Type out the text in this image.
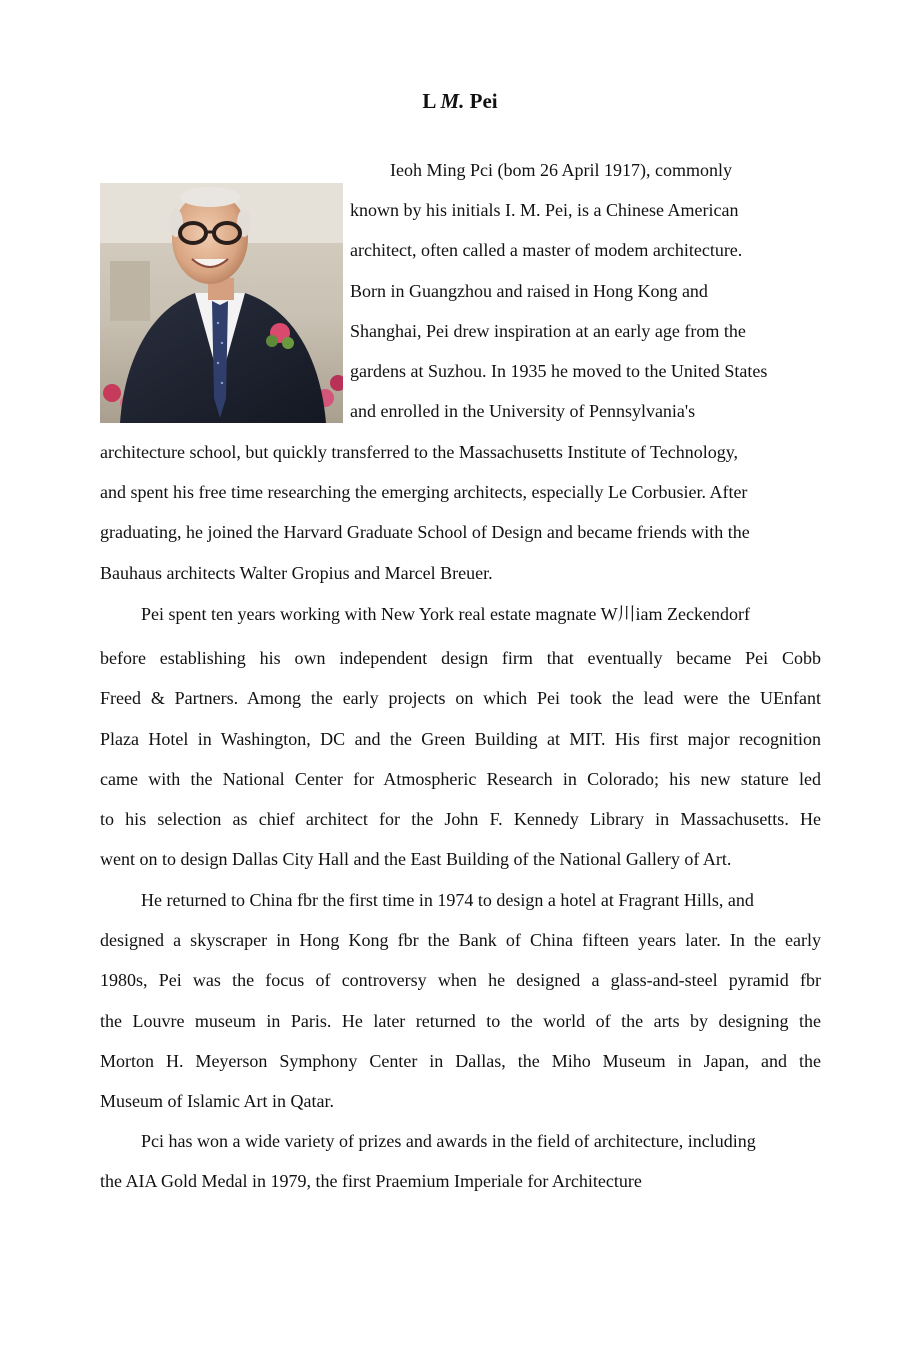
L M. Pei
Ieoh Ming Pci (bom 26 April 1917), commonly
known by his initials I. M. Pei, is a Chinese American
architect, often called a master of modem architecture.
Born in Guangzhou and raised in Hong Kong and
Shanghai, Pei drew inspiration at an early age from the
gardens at Suzhou. In 1935 he moved to the United States
and enrolled in the University of Pennsylvania's
architecture school, but quickly transferred to the Massachusetts Institute of Technology,
and spent his free time researching the emerging architects, especially Le Corbusier. After
graduating, he joined the Harvard Graduate School of Design and became friends with the
Bauhaus architects Walter Gropius and Marcel Breuer.
Pei spent ten years working with New York real estate magnate W川iam Zeckendorf
before establishing his own independent design firm that eventually became Pei Cobb
Freed & Partners. Among the early projects on which Pei took the lead were the UEnfant
Plaza Hotel in Washington, DC and the Green Building at MIT. His first major recognition
came with the National Center for Atmospheric Research in Colorado; his new stature led
to his selection as chief architect for the John F. Kennedy Library in Massachusetts. He
went on to design Dallas City Hall and the East Building of the National Gallery of Art.
He returned to China fbr the first time in 1974 to design a hotel at Fragrant Hills, and
designed a skyscraper in Hong Kong fbr the Bank of China fifteen years later. In the early
1980s, Pei was the focus of controversy when he designed a glass-and-steel pyramid fbr
the Louvre museum in Paris. He later returned to the world of the arts by designing the
Morton H. Meyerson Symphony Center in Dallas, the Miho Museum in Japan, and the
Museum of Islamic Art in Qatar.
Pci has won a wide variety of prizes and awards in the field of architecture, including
the AIA Gold Medal in 1979, the first Praemium Imperiale for Architecture
